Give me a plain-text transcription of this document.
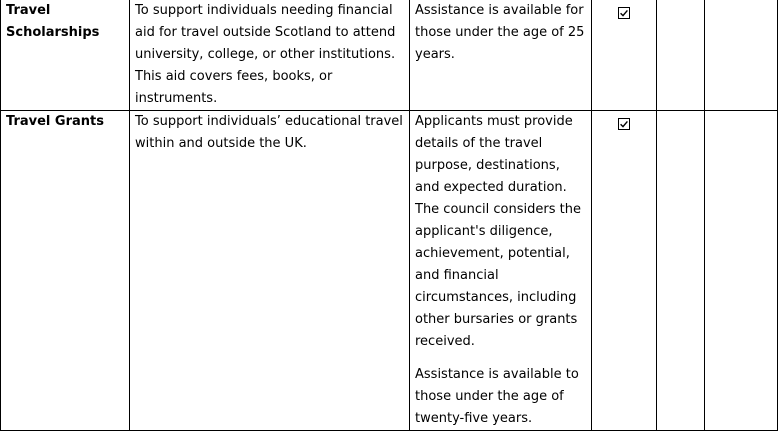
Travel Scholarships	To support individuals needing financial aid for travel outside Scotland to attend university, college, or other institutions. This aid covers fees, books, or instruments.	Assistance is available for those under the age of 25 years.

Travel Grants	To support individuals’ educational travel within and outside the UK.	Applicants must provide details of the travel purpose, destinations, and expected duration. The council considers the applicant's diligence, achievement, potential, and financial circumstances, including other bursaries or grants received.
Assistance is available to those under the age of twenty-five years.
